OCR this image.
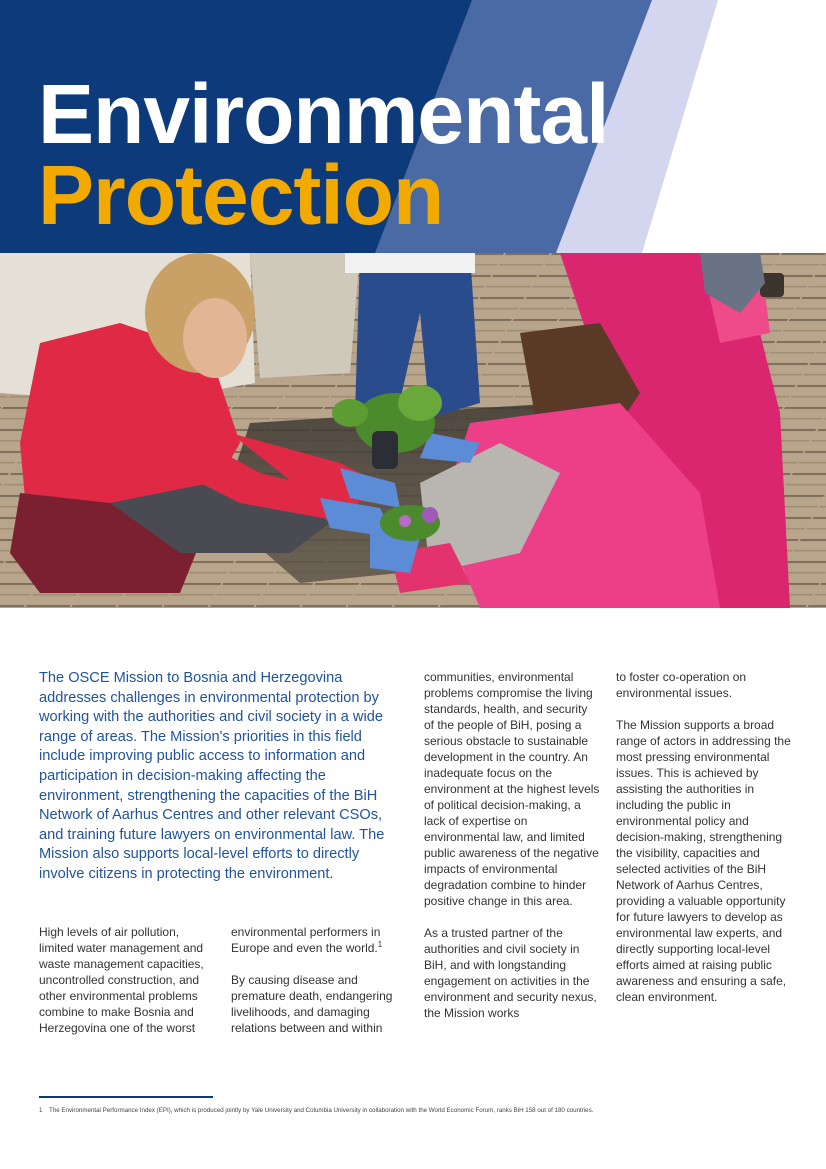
Environmental
Protection

The OSCE Mission to Bosnia and Herzegovina addresses challenges in environmental protection by working with the authorities and civil society in a wide range of areas. The Mission's priorities in this field include improving public access to information and participation in decision-making affecting the environment, strengthening the capacities of the BiH Network of Aarhus Centres and other relevant CSOs, and training future lawyers on environmental law. The Mission also supports local-level efforts to directly involve citizens in protecting the environment.

High levels of air pollution, limited water management and waste management capacities, uncontrolled construction, and other environmental problems combine to make Bosnia and Herzegovina one of the worst

environmental performers in Europe and even the world.$^1$

By causing disease and premature death, endangering livelihoods, and damaging relations between and within

communities, environmental problems compromise the living standards, health, and security of the people of BiH, posing a serious obstacle to sustainable development in the country. An inadequate focus on the environment at the highest levels of political decision-making, a lack of expertise on environmental law, and limited public awareness of the negative impacts of environmental degradation combine to hinder positive change in this area.

As a trusted partner of the authorities and civil society in BiH, and with longstanding engagement on activities in the environment and security nexus, the Mission works

to foster co-operation on environmental issues.

The Mission supports a broad range of actors in addressing the most pressing environmental issues. This is achieved by assisting the authorities in including the public in environmental policy and decision-making, strengthening the visibility, capacities and selected activities of the BiH Network of Aarhus Centres, providing a valuable opportunity for future lawyers to develop as environmental law experts, and directly supporting local-level efforts aimed at raising public awareness and ensuring a safe, clean environment.

1 The Environmental Performance Index (EPI), which is produced jointly by Yale University and Columbia University in collaboration with the World Economic Forum, ranks BiH 158 out of 180 countries.
